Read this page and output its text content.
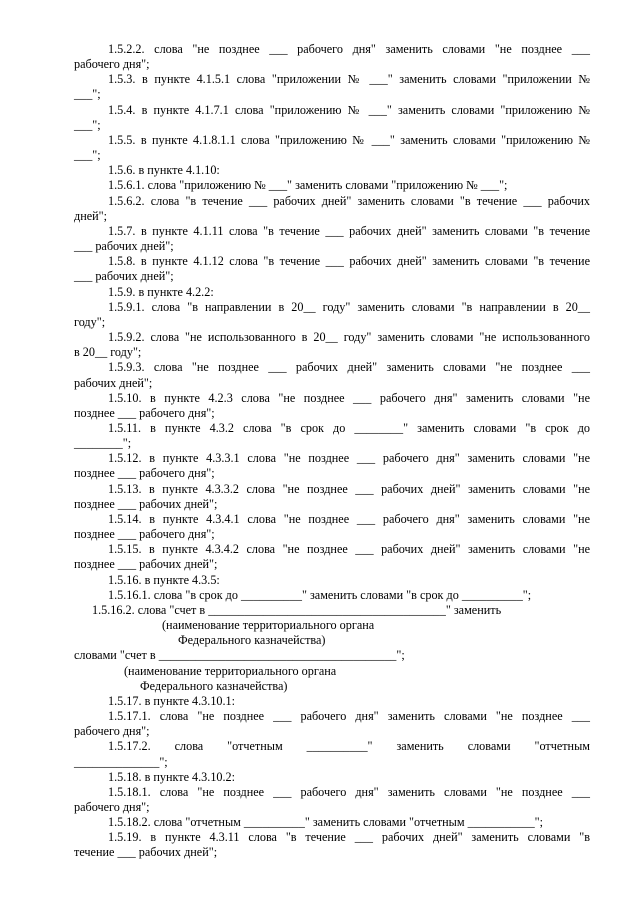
1.5.2.2. слова "не позднее ___ рабочего дня" заменить словами "не позднее ___
рабочего дня";
1.5.3. в пункте 4.1.5.1 слова "приложении № ___" заменить словами "приложении №
___";
1.5.4. в пункте 4.1.7.1 слова "приложению № ___" заменить словами "приложению №
___";
1.5.5. в пункте 4.1.8.1.1 слова "приложению № ___" заменить словами "приложению №
___";
1.5.6. в пункте 4.1.10:
1.5.6.1. слова "приложению № ___" заменить словами "приложению № ___";
1.5.6.2. слова "в течение ___ рабочих дней" заменить словами "в течение ___ рабочих
дней";
1.5.7. в пункте 4.1.11 слова "в течение ___ рабочих дней" заменить словами "в течение
___ рабочих дней";
1.5.8. в пункте 4.1.12 слова "в течение ___ рабочих дней" заменить словами "в течение
___ рабочих дней";
1.5.9. в пункте 4.2.2:
1.5.9.1. слова "в направлении в 20__ году" заменить словами "в направлении в 20__
году";
1.5.9.2. слова "не использованного в 20__ году" заменить словами "не использованного
в 20__ году";
1.5.9.3. слова "не позднее ___ рабочих дней" заменить словами "не позднее ___
рабочих дней";
1.5.10. в пункте 4.2.3 слова "не позднее ___ рабочего дня" заменить словами "не
позднее ___ рабочего дня";
1.5.11. в пункте 4.3.2 слова "в срок до ________" заменить словами "в срок до
________";
1.5.12. в пункте 4.3.3.1 слова "не позднее ___ рабочего дня" заменить словами "не
позднее ___ рабочего дня";
1.5.13. в пункте 4.3.3.2 слова "не позднее ___ рабочих дней" заменить словами "не
позднее ___ рабочих дней";
1.5.14. в пункте 4.3.4.1 слова "не позднее ___ рабочего дня" заменить словами "не
позднее ___ рабочего дня";
1.5.15. в пункте 4.3.4.2 слова "не позднее ___ рабочих дней" заменить словами "не
позднее ___ рабочих дней";
1.5.16. в пункте 4.3.5:
1.5.16.1. слова "в срок до __________" заменить словами "в срок до __________";
1.5.16.2. слова "счет в _______________________________________" заменить
(наименование территориального органа
Федерального казначейства)
словами "счет в _______________________________________";
(наименование территориального органа
Федерального казначейства)
1.5.17. в пункте 4.3.10.1:
1.5.17.1. слова "не позднее ___ рабочего дня" заменить словами "не позднее ___
рабочего дня";
1.5.17.2. слова "отчетным __________" заменить словами "отчетным
______________";
1.5.18. в пункте 4.3.10.2:
1.5.18.1. слова "не позднее ___ рабочего дня" заменить словами "не позднее ___
рабочего дня";
1.5.18.2. слова "отчетным __________" заменить словами "отчетным ___________";
1.5.19. в пункте 4.3.11 слова "в течение ___ рабочих дней" заменить словами "в
течение ___ рабочих дней";
